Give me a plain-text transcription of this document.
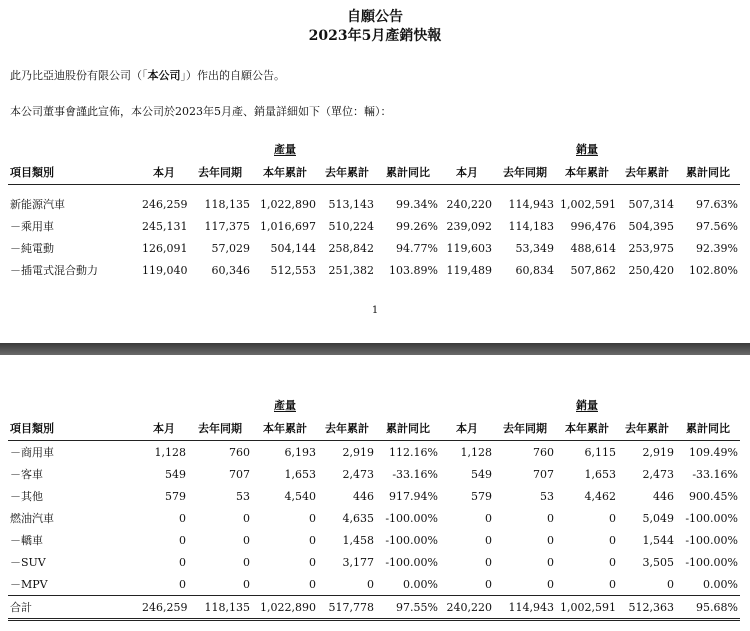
自願公告
2023年5月產銷快報
此乃比亞迪股份有限公司（「本公司」）作出的自願公告。
本公司董事會謹此宣佈，本公司於2023年5月產、銷量詳細如下（單位：輛）：
			產量					銷量		
項目類別	本月	去年同期	本年累計	去年累計	累計同比	本月	去年同期	本年累計	去年累計	累計同比

新能源汽車	246,259	118,135	1,022,890	513,143	99.34%	240,220	114,943	1,002,591	507,314	97.63%
－乘用車	245,131	117,375	1,016,697	510,224	99.26%	239,092	114,183	996,476	504,395	97.56%
－純電動	126,091	57,029	504,144	258,842	94.77%	119,603	53,349	488,614	253,975	92.39%
－插電式混合動力	119,040	60,346	512,553	251,382	103.89%	119,489	60,834	507,862	250,420	102.80%
1
			產量					銷量		
項目類別	本月	去年同期	本年累計	去年累計	累計同比	本月	去年同期	本年累計	去年累計	累計同比
－商用車	1,128	760	6,193	2,919	112.16%	1,128	760	6,115	2,919	109.49%
－客車	549	707	1,653	2,473	-33.16%	549	707	1,653	2,473	-33.16%
－其他	579	53	4,540	446	917.94%	579	53	4,462	446	900.45%
燃油汽車	0	0	0	4,635	-100.00%	0	0	0	5,049	-100.00%
－轎車	0	0	0	1,458	-100.00%	0	0	0	1,544	-100.00%
－SUV	0	0	0	3,177	-100.00%	0	0	0	3,505	-100.00%
－MPV	0	0	0	0	0.00%	0	0	0	0	0.00%
合計	246,259	118,135	1,022,890	517,778	97.55%	240,220	114,943	1,002,591	512,363	95.68%
